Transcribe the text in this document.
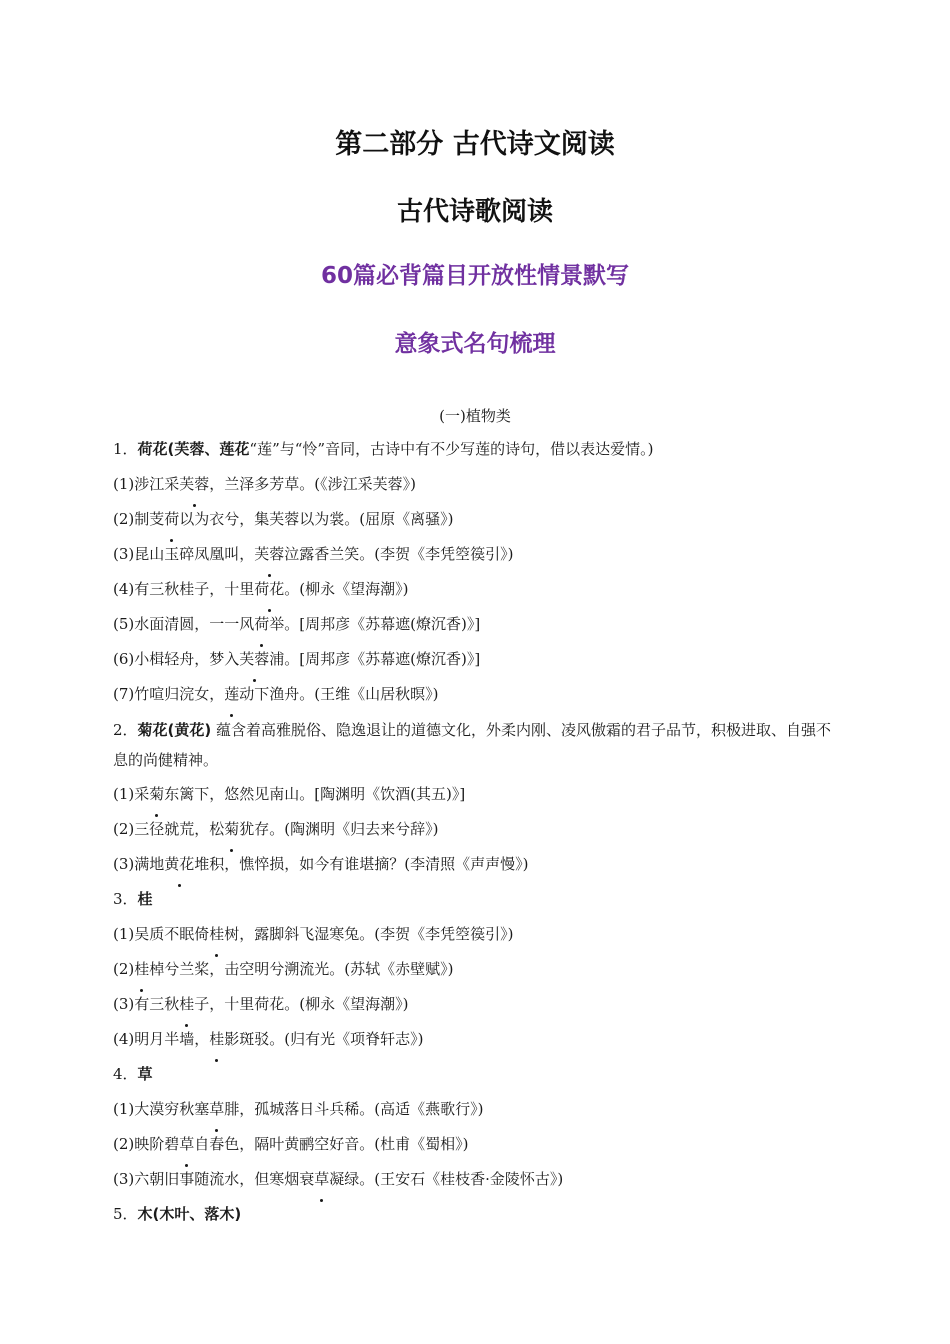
第二部分 古代诗文阅读
古代诗歌阅读
60篇必背篇目开放性情景默写
意象式名句梳理
(一)植物类
1．荷花(芙蓉、莲花“莲”与“怜”音同，古诗中有不少写莲的诗句，借以表达爱情。)
(1)涉江采芙蓉，兰泽多芳草。(《涉江采芙蓉》)
(2)制芰荷以为衣兮，集芙蓉以为裳。(屈原《离骚》)
(3)昆山玉碎凤凰叫，芙蓉泣露香兰笑。(李贺《李凭箜篌引》)
(4)有三秋桂子，十里荷花。(柳永《望海潮》)
(5)水面清圆，一一风荷举。[周邦彦《苏幕遮(燎沉香)》]
(6)小楫轻舟，梦入芙蓉浦。[周邦彦《苏幕遮(燎沉香)》]
(7)竹喧归浣女，莲动下渔舟。(王维《山居秋暝》)
2．菊花(黄花) 蕴含着高雅脱俗、隐逸退让的道德文化，外柔内刚、凌风傲霜的君子品节，积极进取、自强不息的尚健精神。
(1)采菊东篱下，悠然见南山。[陶渊明《饮酒(其五)》]
(2)三径就荒，松菊犹存。(陶渊明《归去来兮辞》)
(3)满地黄花堆积，憔悴损，如今有谁堪摘？(李清照《声声慢》)
3．桂
(1)吴质不眠倚桂树，露脚斜飞湿寒兔。(李贺《李凭箜篌引》)
(2)桂棹兮兰桨，击空明兮溯流光。(苏轼《赤壁赋》)
(3)有三秋桂子，十里荷花。(柳永《望海潮》)
(4)明月半墙，桂影斑驳。(归有光《项脊轩志》)
4．草
(1)大漠穷秋塞草腓，孤城落日斗兵稀。(高适《燕歌行》)
(2)映阶碧草自春色，隔叶黄鹂空好音。(杜甫《蜀相》)
(3)六朝旧事随流水，但寒烟衰草凝绿。(王安石《桂枝香·金陵怀古》)
5．木(木叶、落木)
